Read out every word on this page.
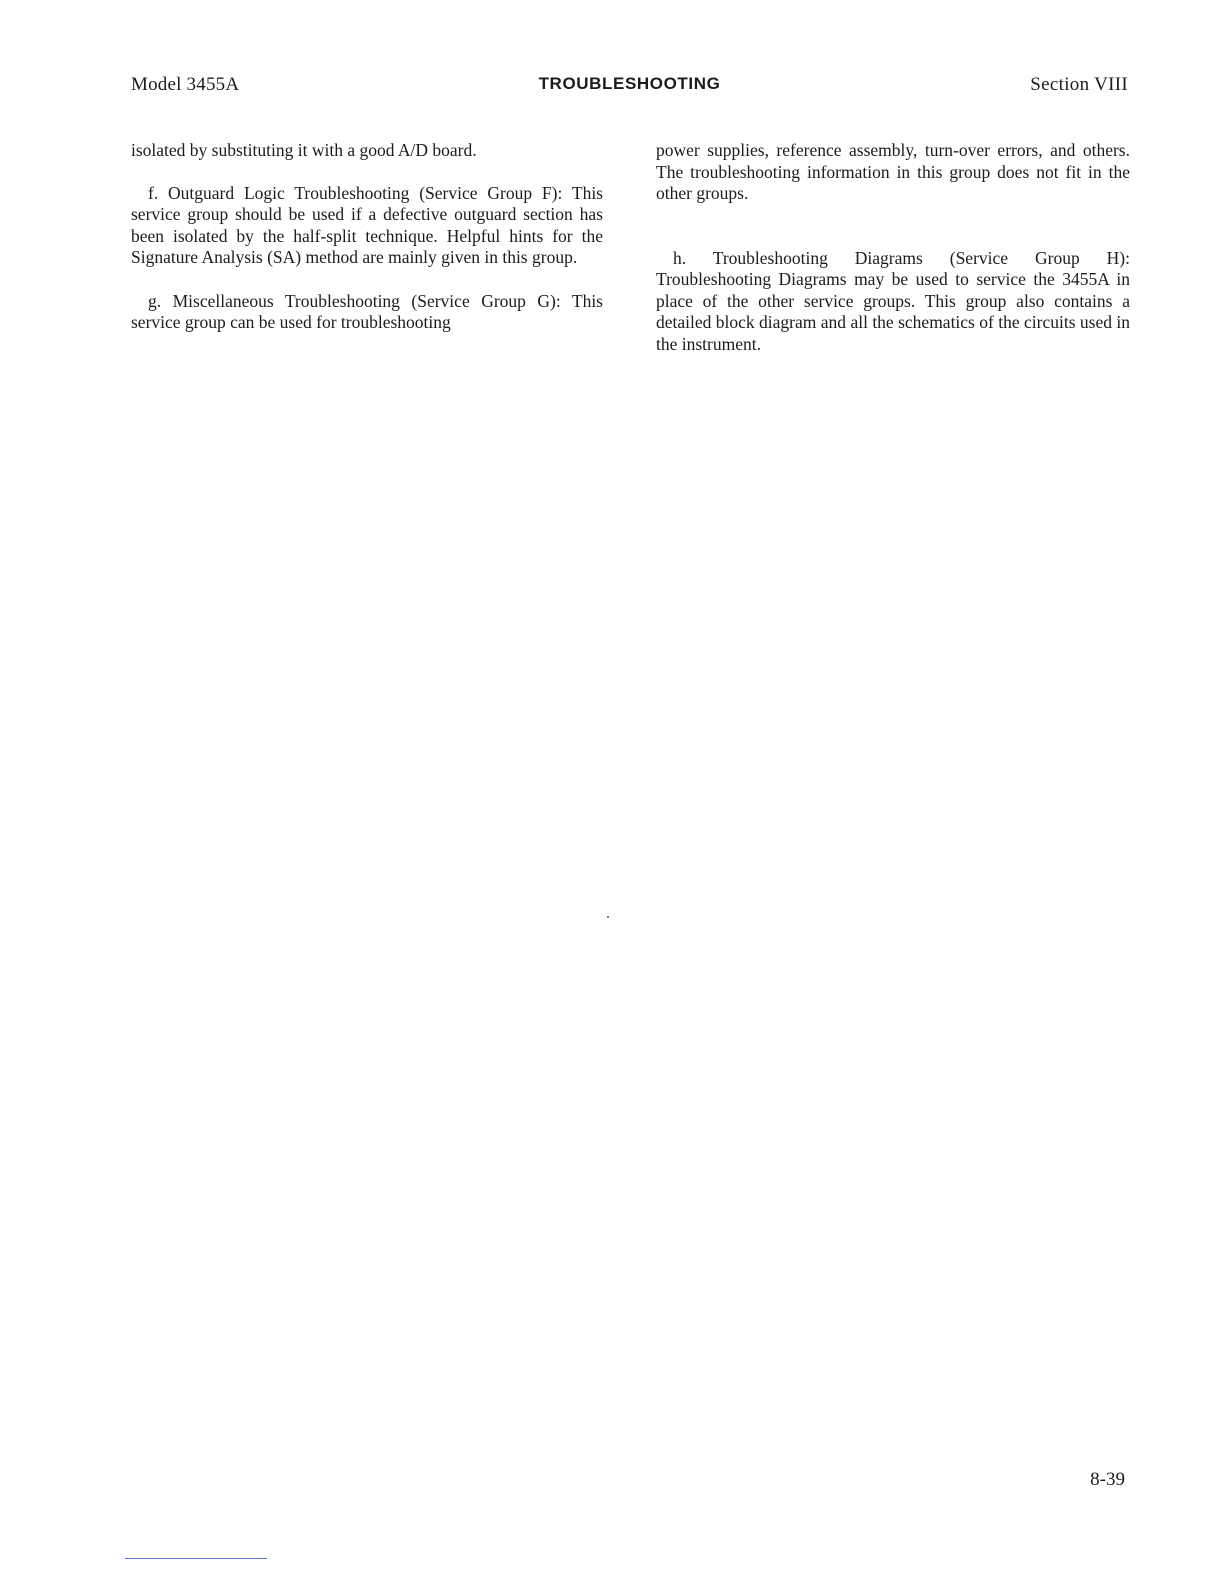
Model 3455A	TROUBLESHOOTING	Section VIII

isolated by substituting it with a good A/D board.

f. Outguard Logic Troubleshooting (Service Group F): This service group should be used if a defective outguard section has been isolated by the half-split technique. Helpful hints for the Signature Analysis (SA) method are mainly given in this group.

g. Miscellaneous Troubleshooting (Service Group G): This service group can be used for troubleshooting

power supplies, reference assembly, turn-over errors, and others. The troubleshooting information in this group does not fit in the other groups.

h. Troubleshooting Diagrams (Service Group H): Troubleshooting Diagrams may be used to service the 3455A in place of the other service groups. This group also contains a detailed block diagram and all the schematics of the circuits used in the instrument.

8-39
